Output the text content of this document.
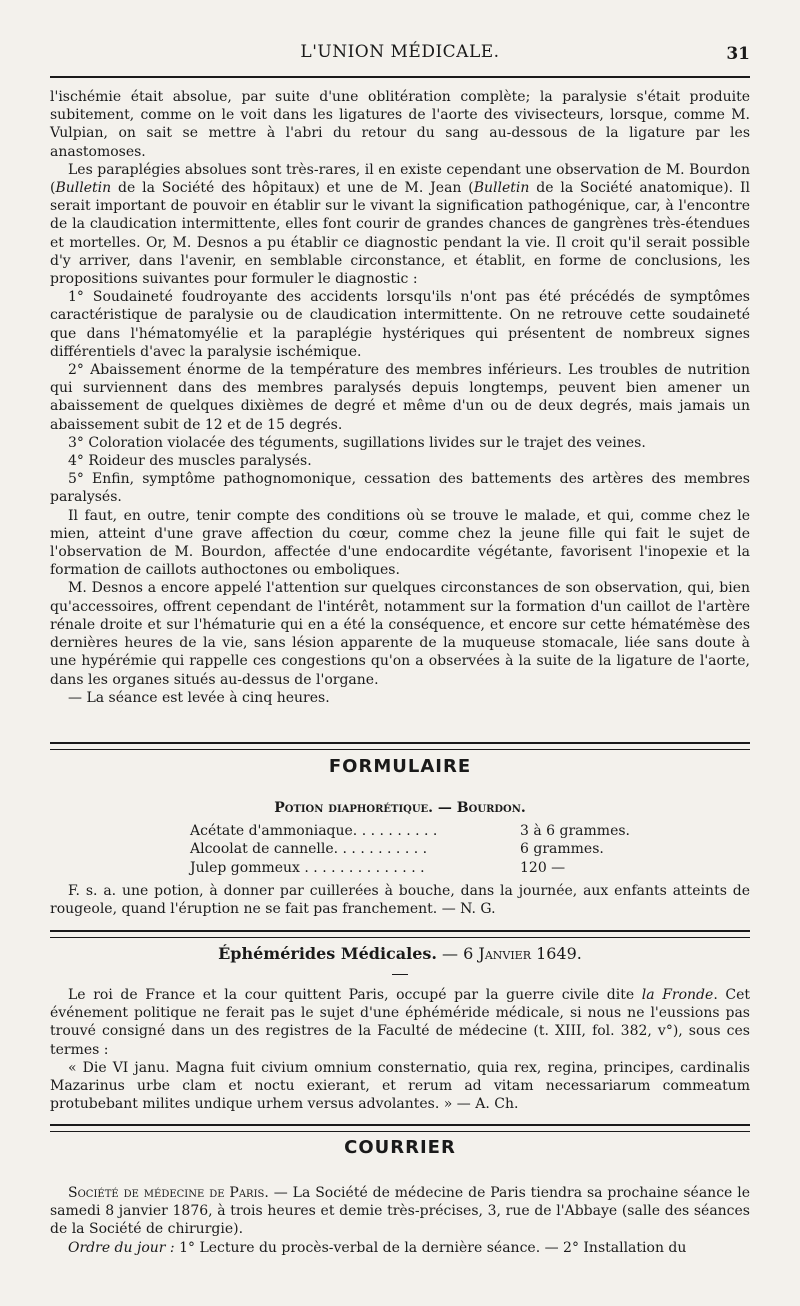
L'UNION MÉDICALE.	31

l'ischémie était absolue, par suite d'une oblitération complète; la paralysie s'était produite subitement, comme on le voit dans les ligatures de l'aorte des vivisecteurs, lorsque, comme M. Vulpian, on sait se mettre à l'abri du retour du sang au-dessous de la ligature par les anastomoses.

Les paraplégies absolues sont très-rares, il en existe cependant une observation de M. Bourdon (Bulletin de la Société des hôpitaux) et une de M. Jean (Bulletin de la Société anatomique). Il serait important de pouvoir en établir sur le vivant la signification pathogénique, car, à l'encontre de la claudication intermittente, elles font courir de grandes chances de gangrènes très-étendues et mortelles. Or, M. Desnos a pu établir ce diagnostic pendant la vie. Il croit qu'il serait possible d'y arriver, dans l'avenir, en semblable circonstance, et établit, en forme de conclusions, les propositions suivantes pour formuler le diagnostic :

1° Soudaineté foudroyante des accidents lorsqu'ils n'ont pas été précédés de symptômes caractéristique de paralysie ou de claudication intermittente. On ne retrouve cette soudaineté que dans l'hématomyélie et la paraplégie hystériques qui présentent de nombreux signes différentiels d'avec la paralysie ischémique.

2° Abaissement énorme de la température des membres inférieurs. Les troubles de nutrition qui surviennent dans des membres paralysés depuis longtemps, peuvent bien amener un abaissement de quelques dixièmes de degré et même d'un ou de deux degrés, mais jamais un abaissement subit de 12 et de 15 degrés.

3° Coloration violacée des téguments, sugillations livides sur le trajet des veines.

4° Roideur des muscles paralysés.

5° Enfin, symptôme pathognomonique, cessation des battements des artères des membres paralysés.

Il faut, en outre, tenir compte des conditions où se trouve le malade, et qui, comme chez le mien, atteint d'une grave affection du cœur, comme chez la jeune fille qui fait le sujet de l'observation de M. Bourdon, affectée d'une endocardite végétante, favorisent l'inopexie et la formation de caillots authoctones ou emboliques.

M. Desnos a encore appelé l'attention sur quelques circonstances de son observation, qui, bien qu'accessoires, offrent cependant de l'intérêt, notamment sur la formation d'un caillot de l'artère rénale droite et sur l'hématurie qui en a été la conséquence, et encore sur cette hématémèse des dernières heures de la vie, sans lésion apparente de la muqueuse stomacale, liée sans doute à une hypérémie qui rappelle ces congestions qu'on a observées à la suite de la ligature de l'aorte, dans les organes situés au-dessus de l'organe.

— La séance est levée à cinq heures.

FORMULAIRE
Potion diaphorétique. — Bourdon.
Acétate d'ammoniaque. . . . . . . . . .	3 à 6 grammes.
Alcoolat de cannelle. . . . . . . . . . .	6 grammes.
Julep gommeux . . . . . . . . . . . . . .	120 —

F. s. a. une potion, à donner par cuillerées à bouche, dans la journée, aux enfants atteints de rougeole, quand l'éruption ne se fait pas franchement. — N. G.

Éphémérides Médicales. — 6 Janvier 1649.

Le roi de France et la cour quittent Paris, occupé par la guerre civile dite la Fronde. Cet événement politique ne ferait pas le sujet d'une éphéméride médicale, si nous ne l'eussions pas trouvé consigné dans un des registres de la Faculté de médecine (t. XIII, fol. 382, v°), sous ces termes :

« Die VI janu. Magna fuit civium omnium consternatio, quia rex, regina, principes, cardinalis Mazarinus urbe clam et noctu exierant, et rerum ad vitam necessariarum commeatum protubebant milites undique urhem versus advolantes. » — A. Ch.

COURRIER

Société de médecine de Paris. — La Société de médecine de Paris tiendra sa prochaine séance le samedi 8 janvier 1876, à trois heures et demie très-précises, 3, rue de l'Abbaye (salle des séances de la Société de chirurgie).

Ordre du jour : 1° Lecture du procès-verbal de la dernière séance. — 2° Installation du
